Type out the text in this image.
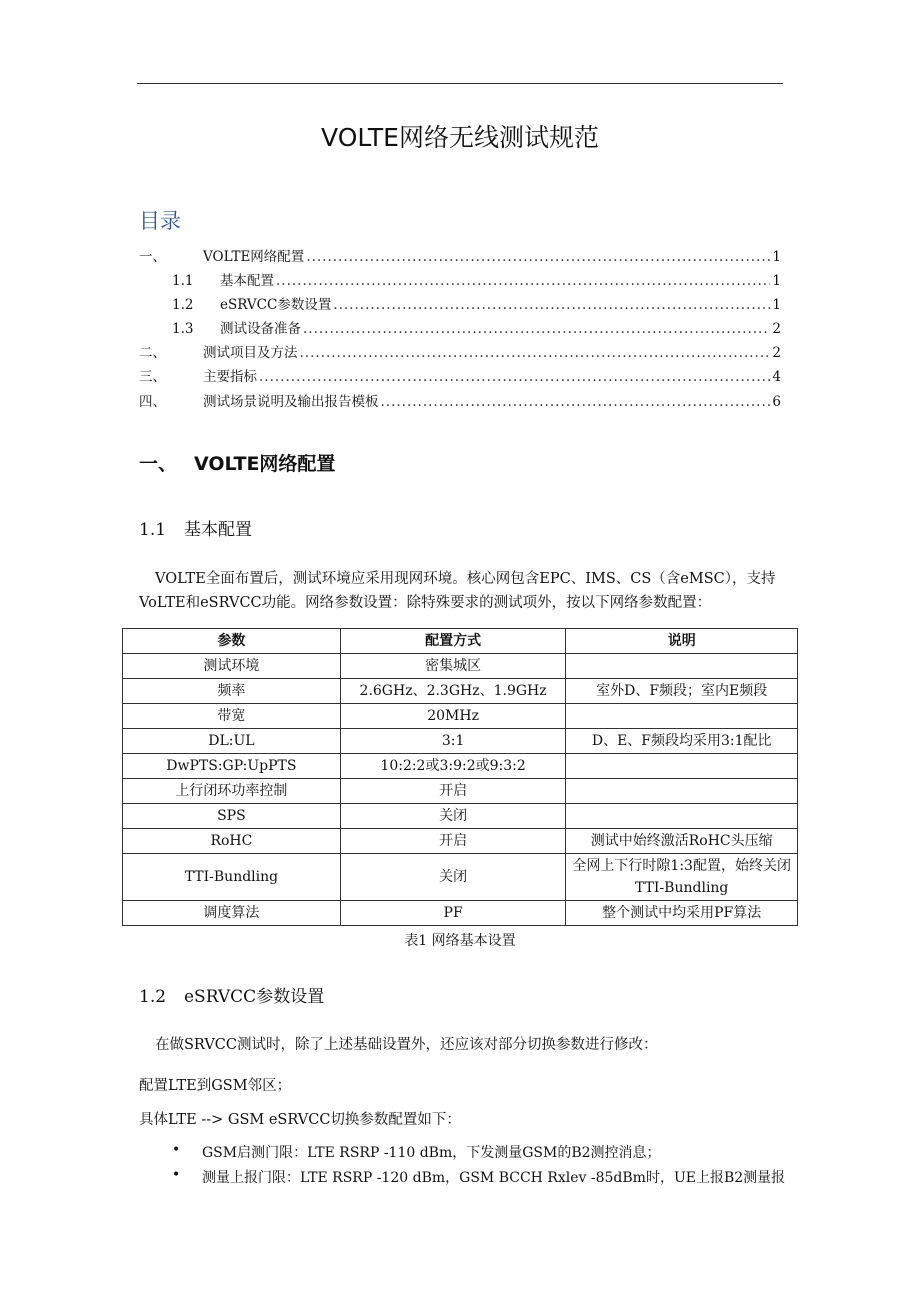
VOLTE网络无线测试规范
目录
一、	VOLTE网络配置 .....	1
1.1	基本配置 .....	1
1.2	eSRVCC参数设置 .....	1
1.3	测试设备准备 .....	2
二、	测试项目及方法 .....	2
三、	主要指标 .....	4
四、	测试场景说明及输出报告模板 .....	6
一、 VOLTE网络配置
1.1 基本配置
VOLTE全面布置后，测试环境应采用现网环境。核心网包含EPC、IMS、CS（含eMSC），支持VoLTE和eSRVCC功能。网络参数设置：除特殊要求的测试项外，按以下网络参数配置：
参数	配置方式	说明
测试环境	密集城区	
频率	2.6GHz、2.3GHz、1.9GHz	室外D、F频段；室内E频段
带宽	20MHz	
DL:UL	3:1	D、E、F频段均采用3:1配比
DwPTS:GP:UpPTS	10:2:2或3:9:2或9:3:2	
上行闭环功率控制	开启	
SPS	关闭	
RoHC	开启	测试中始终激活RoHC头压缩
TTI-Bundling	关闭	全网上下行时隙1:3配置，始终关闭TTI-Bundling
调度算法	PF	整个测试中均采用PF算法
表1 网络基本设置
1.2 eSRVCC参数设置
在做SRVCC测试时，除了上述基础设置外，还应该对部分切换参数进行修改：
配置LTE到GSM邻区；
具体LTE --> GSM eSRVCC切换参数配置如下：
•	GSM启测门限：LTE RSRP -110 dBm，下发测量GSM的B2测控消息；
•	测量上报门限：LTE RSRP -120 dBm，GSM BCCH Rxlev -85dBm时，UE上报B2测量报
